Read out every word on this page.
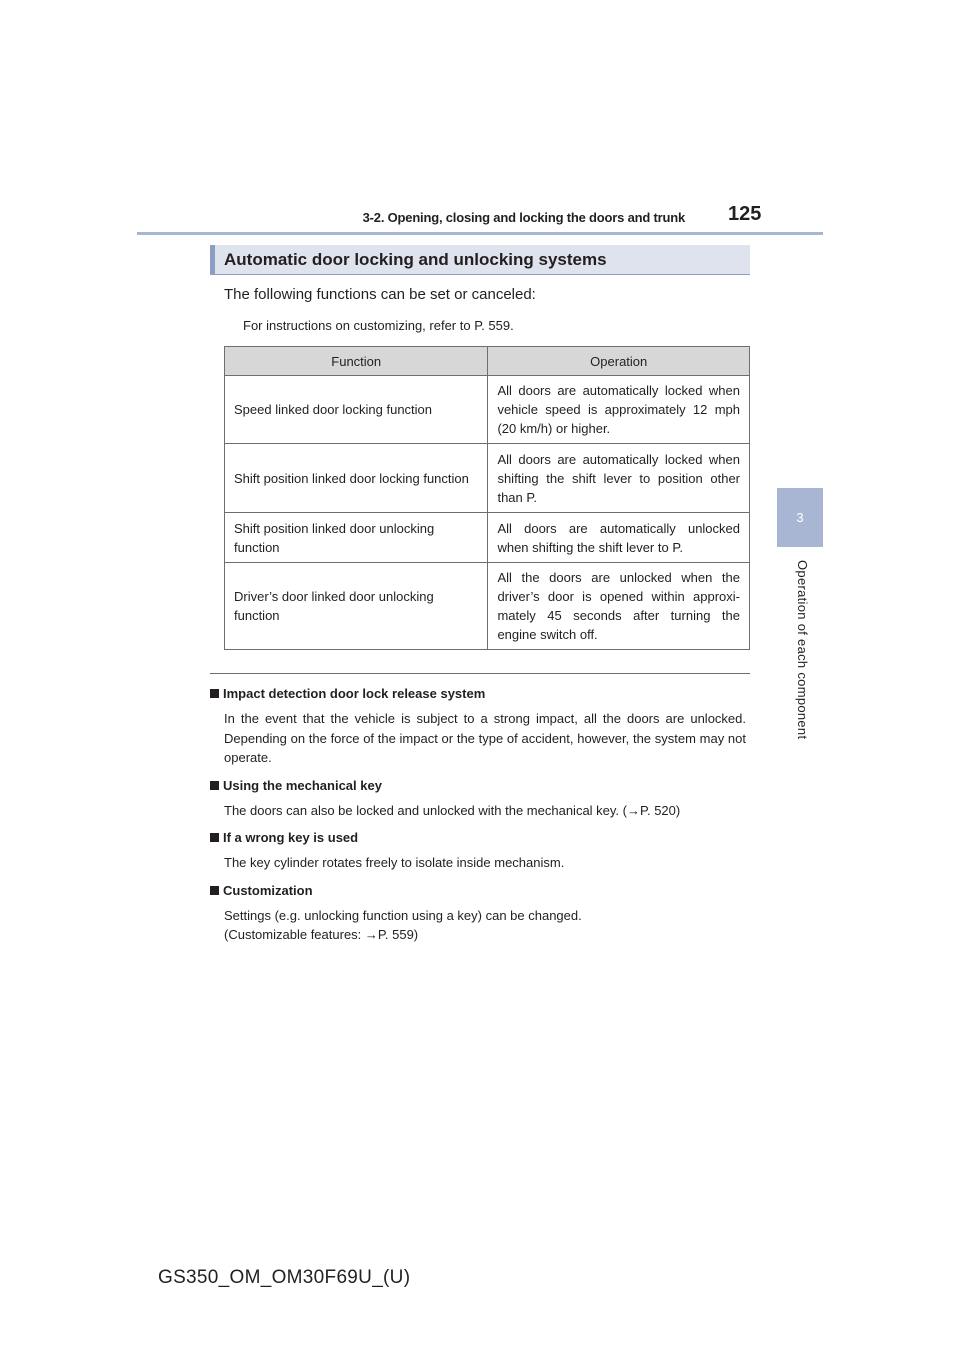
3-2. Opening, closing and locking the doors and trunk 125
3
Operation of each component
Automatic door locking and unlocking systems
The following functions can be set or canceled:
For instructions on customizing, refer to P. 559.
Function	Operation
Speed linked door locking function	All doors are automatically locked when vehicle speed is approximately 12 mph (20 km/h) or higher.
Shift position linked door locking function	All doors are automatically locked when shifting the shift lever to position other than P.
Shift position linked door unlocking function	All doors are automatically unlocked when shifting the shift lever to P.
Driver’s door linked door unlocking function	All the doors are unlocked when the driver’s door is opened within approxi-mately 45 seconds after turning the engine switch off.
Impact detection door lock release system
In the event that the vehicle is subject to a strong impact, all the doors are unlocked. Depending on the force of the impact or the type of accident, however, the system may not operate.
Using the mechanical key
The doors can also be locked and unlocked with the mechanical key. (→P. 520)
If a wrong key is used
The key cylinder rotates freely to isolate inside mechanism.
Customization
Settings (e.g. unlocking function using a key) can be changed.
(Customizable features: →P. 559)
GS350_OM_OM30F69U_(U)
